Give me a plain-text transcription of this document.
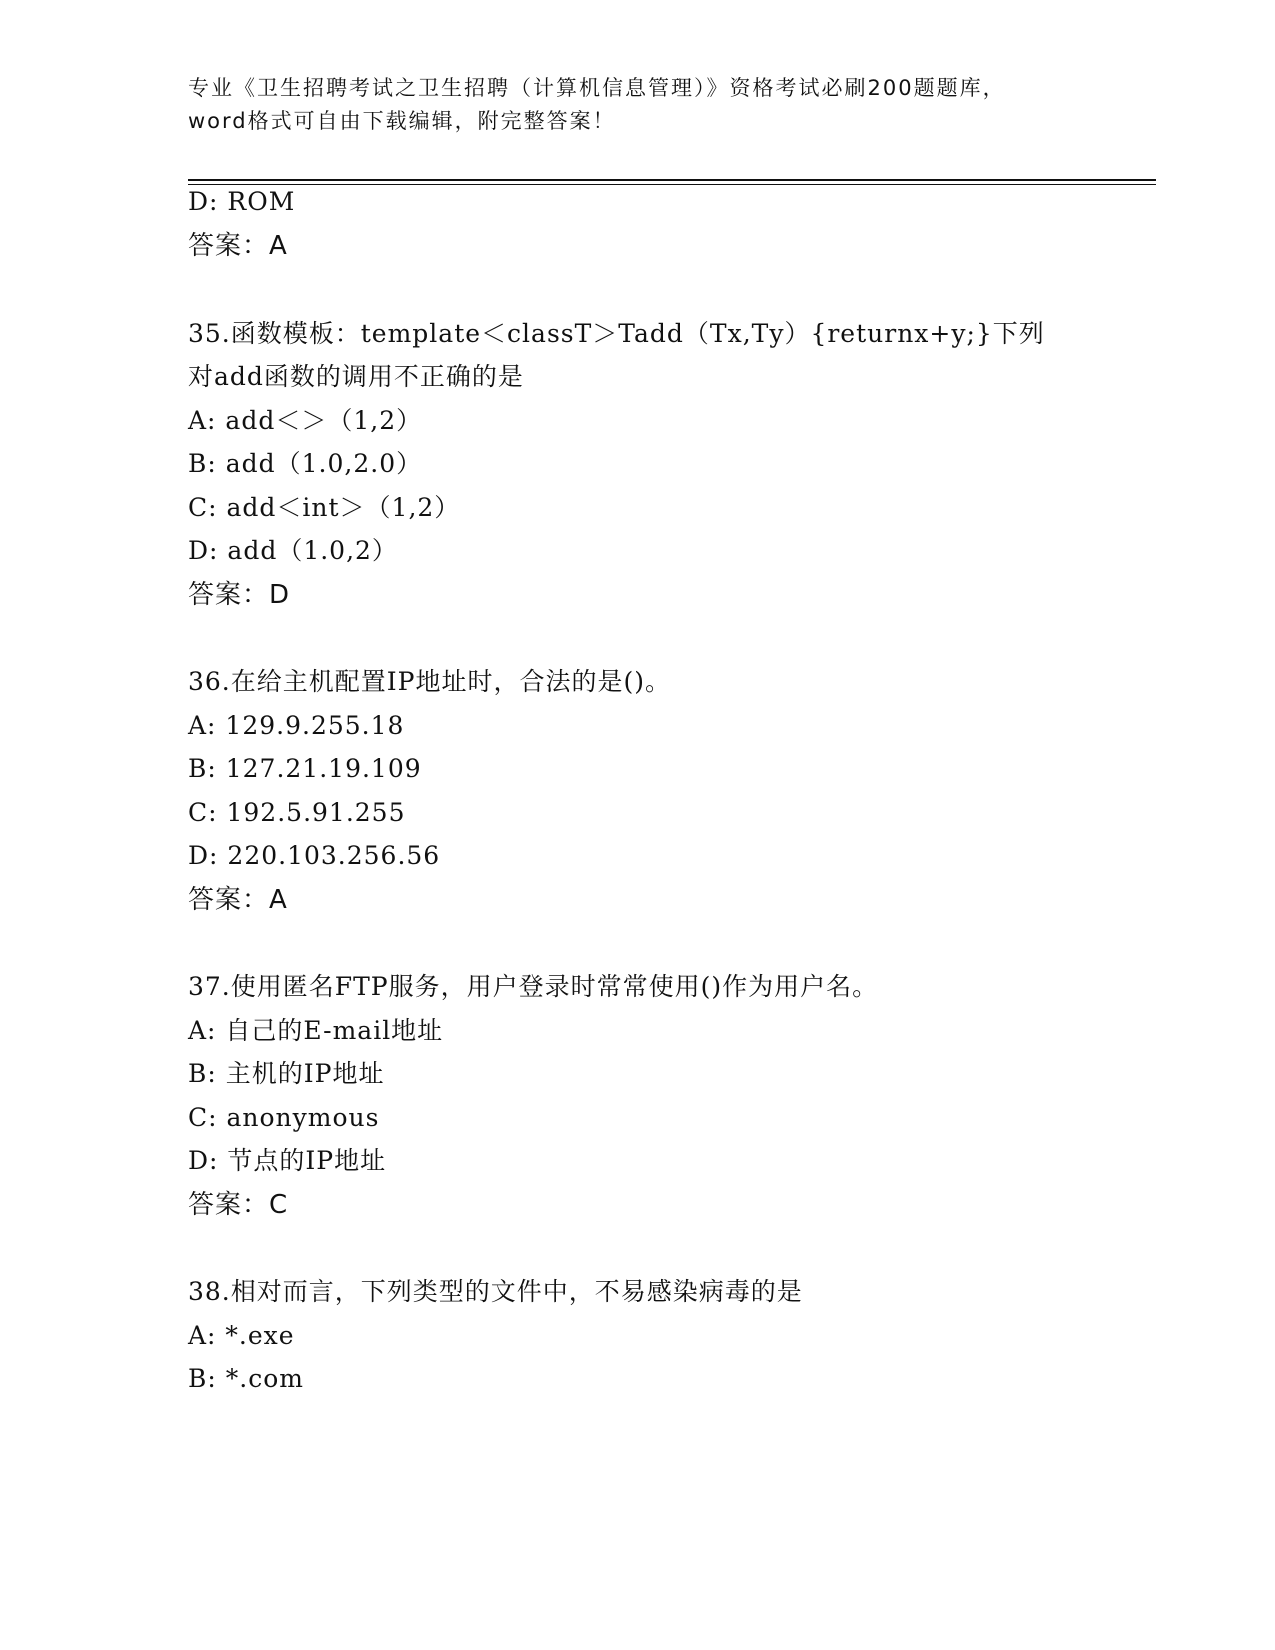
专业《卫生招聘考试之卫生招聘（计算机信息管理）》资格考试必刷200题题库，
word格式可自由下载编辑，附完整答案！
D: ROM
答案：A
35.函数模板：template＜classT＞Tadd（Tx,Ty）{returnx+y;}下列
对add函数的调用不正确的是
A: add＜＞（1,2）
B: add（1.0,2.0）
C: add＜int＞（1,2）
D: add（1.0,2）
答案：D
36.在给主机配置IP地址时，合法的是()。
A: 129.9.255.18
B: 127.21.19.109
C: 192.5.91.255
D: 220.103.256.56
答案：A
37.使用匿名FTP服务，用户登录时常常使用()作为用户名。
A: 自己的E-mail地址
B: 主机的IP地址
C: anonymous
D: 节点的IP地址
答案：C
38.相对而言，下列类型的文件中，不易感染病毒的是
A: *.exe
B: *.com
